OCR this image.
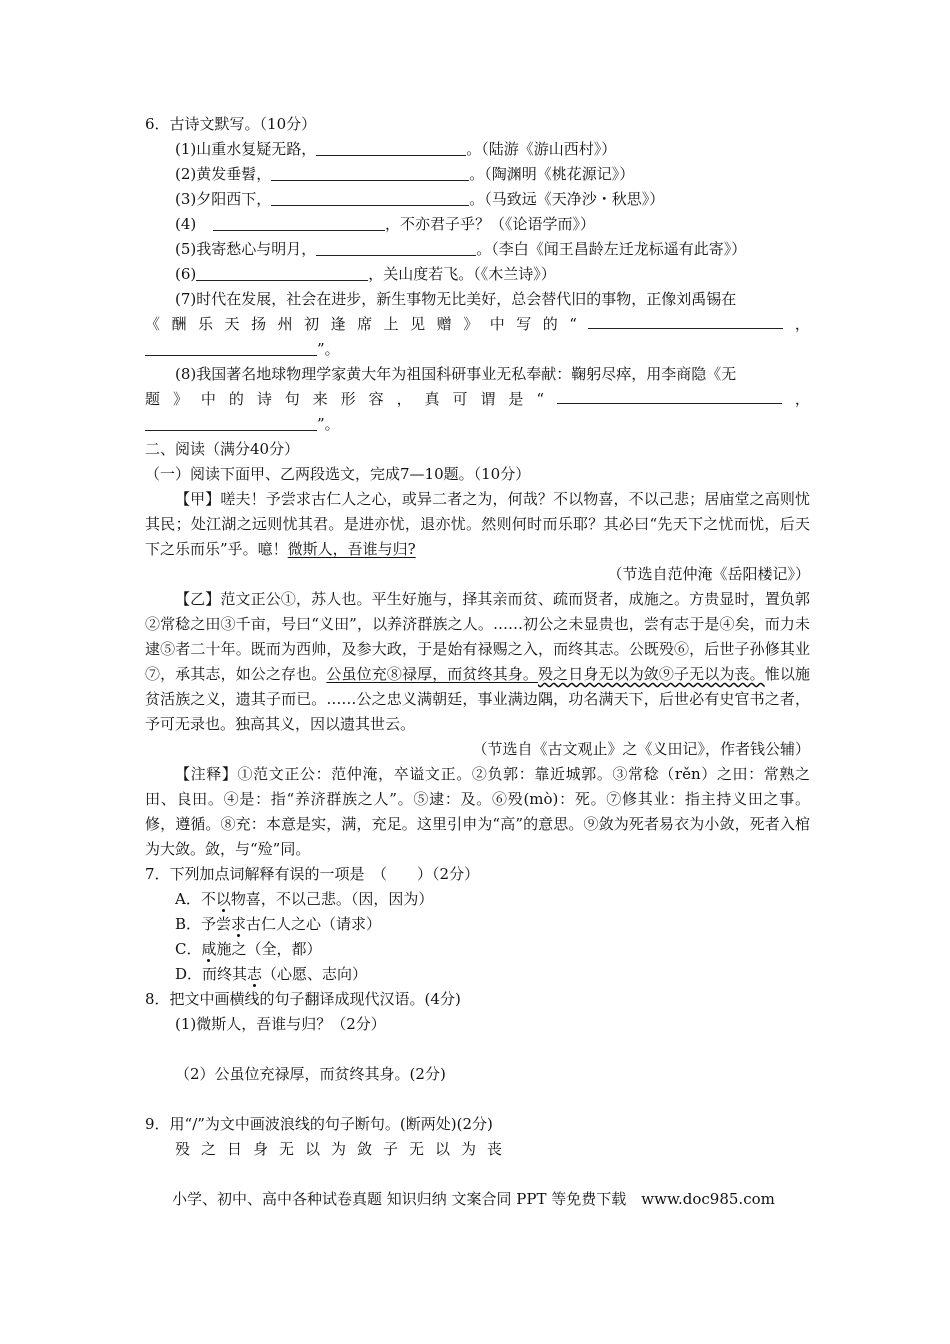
6．古诗文默写。（10分）
(1)山重水复疑无路，	。（陆游《游山西村》）
(2)黄发垂髫，	。（陶渊明《桃花源记》）
(3)夕阳西下，	。（马致远《天净沙・秋思》）
(4)	，不亦君子乎？（《论语学而》）
(5)我寄愁心与明月，	。（李白《闻王昌龄左迁龙标遥有此寄》）
(6)	，关山度若飞。（《木兰诗》）
(7)时代在发展，社会在进步，新生事物无比美好，总会替代旧的事物，正像刘禹锡在
《 酬 乐 天 扬 州 初 逢 席 上 见 赠 》 中 写 的 “	，
”。
(8)我国著名地球物理学家黄大年为祖国科研事业无私奉献：鞠躬尽瘁，用李商隐《无
题 》 中 的 诗 句 来 形 容 ， 真 可 谓 是 “	，
”。
二、阅读（满分40分）
（一）阅读下面甲、乙两段选文，完成7—10题。（10分）
【甲】嗟夫！予尝求古仁人之心，或异二者之为，何哉？不以物喜，不以己悲；居庙堂之高则忧其民；处江湖之远则忧其君。是进亦忧，退亦忧。然则何时而乐耶？其必曰“先天下之忧而忧，后天下之乐而乐”乎。噫！微斯人，吾谁与归?
（节选自范仲淹《岳阳楼记》）
【乙】范文正公①，苏人也。平生好施与，择其亲而贫、疏而贤者，成施之。方贵显时，置负郭②常稔之田③千亩，号曰“义田”，以养济群族之人。……初公之未显贵也，尝有志于是④矣，而力未逮⑤者二十年。既而为西帅，及参大政，于是始有禄赐之入，而终其志。公既殁⑥，后世子孙修其业⑦，承其志，如公之存也。公虽位充⑧禄厚，而贫终其身。殁之日身无以为敛⑨子无以为丧。惟以施贫活族之义，遗其子而已。……公之忠义满朝廷，事业满边隅，功名满天下，后世必有史官书之者，予可无录也。独高其义，因以遗其世云。
（节选自《古文观止》之《义田记》，作者钱公辅）
【注释】①范文正公：范仲淹，卒谥文正。②负郭：靠近城郭。③常稔（rěn）之田：常熟之田、良田。④是：指“养济群族之人”。⑤逮：及。⑥殁(mò)：死。⑦修其业：指主持义田之事。修，遵循。⑧充：本意是实，满，充足。这里引申为“高”的意思。⑨敛为死者易衣为小敛，死者入棺为大敛。敛，与“殓”同。
7．下列加点词解释有误的一项是　（　　）（2分）
A．不以物喜，不以己悲。（因，因为）
B．予尝求古仁人之心（请求）
C．咸施之（全，都）
D．而终其志（心愿、志向）
8．把文中画横线的句子翻译成现代汉语。(4分)
(1)微斯人，吾谁与归？（2分）
（2）公虽位充禄厚，而贫终其身。(2分)
9．用“/”为文中画波浪线的句子断句。(断两处)(2分)
殁之日身无以为敛子无以为丧
小学、初中、高中各种试卷真题 知识归纳 文案合同 PPT 等免费下载　www.doc985.com
